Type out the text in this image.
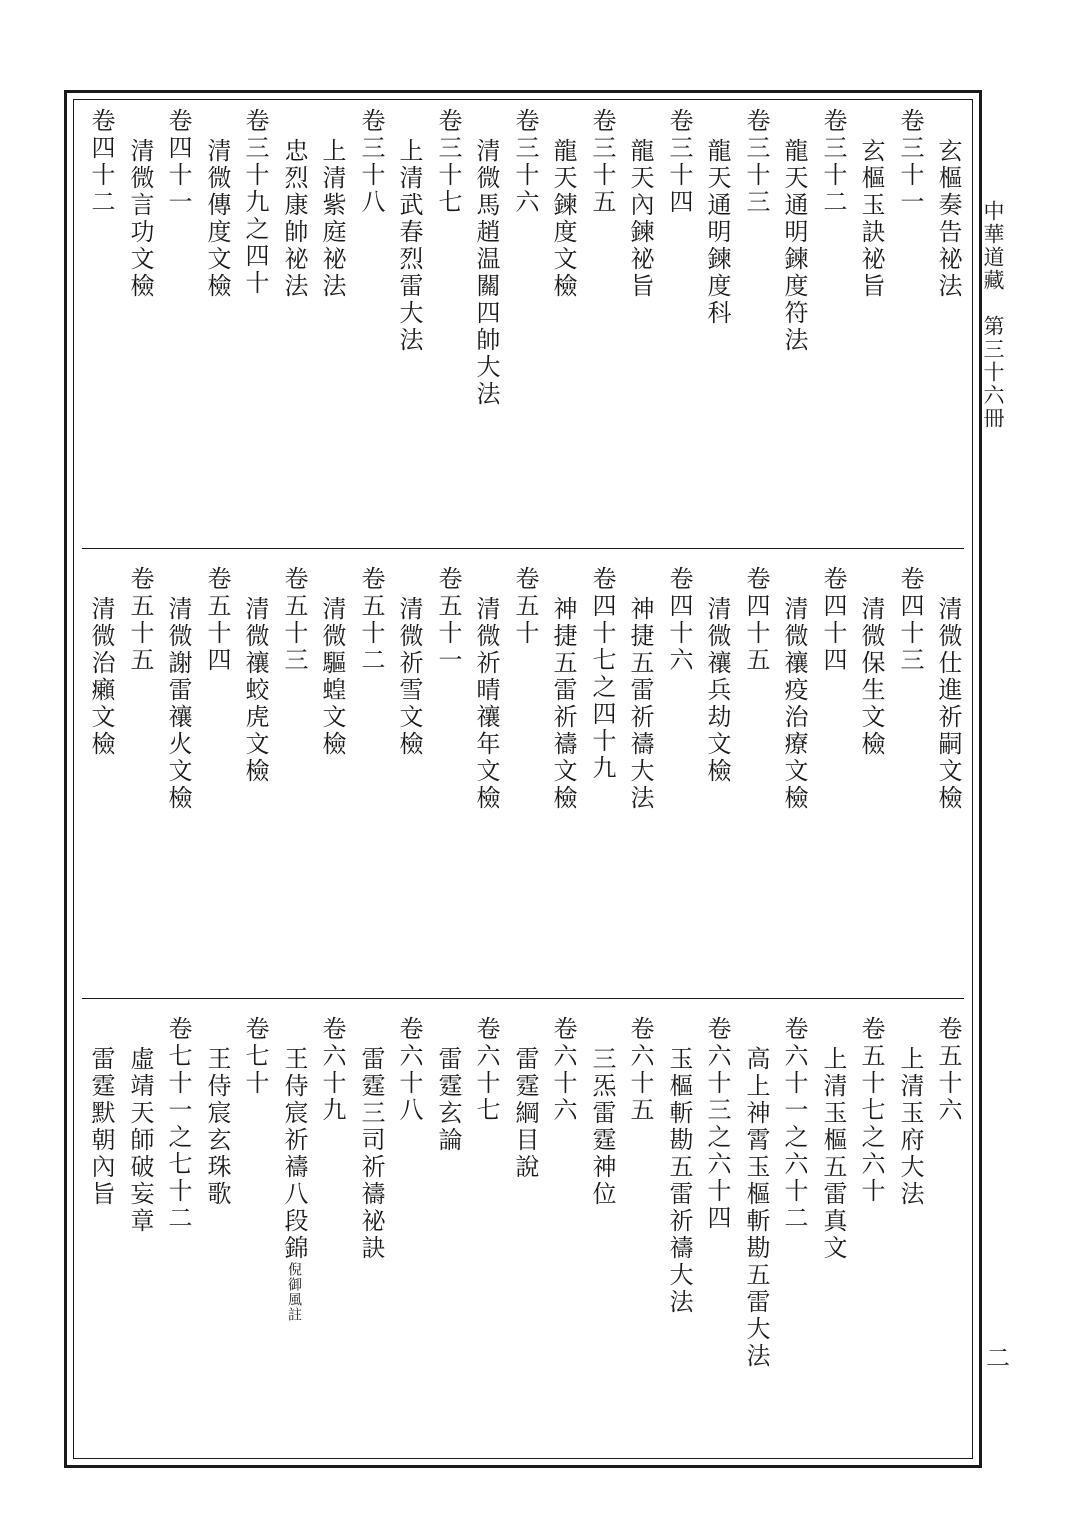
中華道藏　第三十六冊
二
玄樞奏告祕法
卷三十一
玄樞玉訣祕旨
卷三十二
龍天通明鍊度符法
卷三十三
龍天通明鍊度科
卷三十四
龍天內鍊祕旨
卷三十五
龍天鍊度文檢
卷三十六
清微馬趙温關四帥大法
卷三十七
上清武春烈雷大法
卷三十八
上清紫庭祕法
忠烈康帥祕法
卷三十九之四十
清微傳度文檢
卷四十一
清微言功文檢
卷四十二
清微仕進祈嗣文檢
卷四十三
清微保生文檢
卷四十四
清微禳疫治療文檢
卷四十五
清微禳兵劫文檢
卷四十六
神捷五雷祈禱大法
卷四十七之四十九
神捷五雷祈禱文檢
卷五十
清微祈晴禳年文檢
卷五十一
清微祈雪文檢
卷五十二
清微驅蝗文檢
卷五十三
清微禳蛟虎文檢
卷五十四
清微謝雷禳火文檢
卷五十五
清微治癩文檢
卷五十六
上清玉府大法
卷五十七之六十
上清玉樞五雷真文
卷六十一之六十二
高上神霄玉樞斬勘五雷大法
卷六十三之六十四
玉樞斬勘五雷祈禱大法
卷六十五
三炁雷霆神位
卷六十六
雷霆綱目說
卷六十七
雷霆玄論
卷六十八
雷霆三司祈禱祕訣
卷六十九
王侍宸祈禱八段錦倪御風註
卷七十
王侍宸玄珠歌
卷七十一之七十二
虛靖天師破妄章
雷霆默朝內旨
